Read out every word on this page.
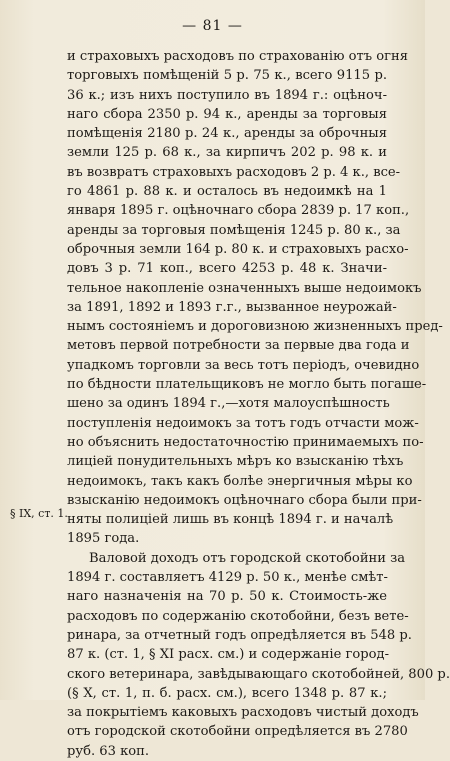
— 81 —
§ IX, ст. 1.
и страховыхъ расходовъ по страхованію отъ огня
торговыхъ помѣщеній 5 р. 75 к., всего 9115 р.
36 к.; изъ нихъ поступило въ 1894 г.: оцѣноч-
наго сбора 2350 р. 94 к., аренды за торговыя
помѣщенія 2180 р. 24 к., аренды за оброчныя
земли 125 р. 68 к., за кирпичъ 202 р. 98 к. и
въ возвратъ страховыхъ расходовъ 2 р. 4 к., все-
го 4861 р. 88 к. и осталось въ недоимкѣ на 1
января 1895 г. оцѣночнаго сбора 2839 р. 17 коп.,
аренды за торговыя помѣщенія 1245 р. 80 к., за
оброчныя земли 164 р. 80 к. и страховыхъ расхо-
довъ 3 р. 71 коп., всего 4253 р. 48 к. Значи-
тельное накопленіе означенныхъ выше недоимокъ
за 1891, 1892 и 1893 г.г., вызванное неурожай-
нымъ состояніемъ и дороговизною жизненныхъ пред-
метовъ первой потребности за первые два года и
упадкомъ торговли за весь тотъ періодъ, очевидно
по бѣдности плательщиковъ не могло быть погаше-
шено за одинъ 1894 г.,—хотя малоуспѣшность
поступленія недоимокъ за тотъ годъ отчасти мож-
но объяснить недостаточностію принимаемыхъ по-
лиціей понудительныхъ мѣръ ко взысканію тѣхъ
недоимокъ, такъ какъ болѣе энергичныя мѣры ко
взысканію недоимокъ оцѣночнаго сбора были при-
няты полиціей лишь въ концѣ 1894 г. и началѣ
1895 года.
Валовой доходъ отъ городской скотобойни за
1894 г. составляетъ 4129 р. 50 к., менѣе смѣт-
наго назначенія на 70 р. 50 к. Стоимость-же
расходовъ по содержанію скотобойни, безъ вете-
ринара, за отчетный годъ опредѣляется въ 548 р.
87 к. (ст. 1, § XI расх. см.) и содержаніе город-
ского ветеринара, завѣдывающаго скотобойней, 800 р.
(§ X, ст. 1, п. б. расх. см.), всего 1348 р. 87 к.;
за покрытіемъ каковыхъ расходовъ чистый доходъ
отъ городской скотобойни опредѣляется въ 2780
руб. 63 коп.
